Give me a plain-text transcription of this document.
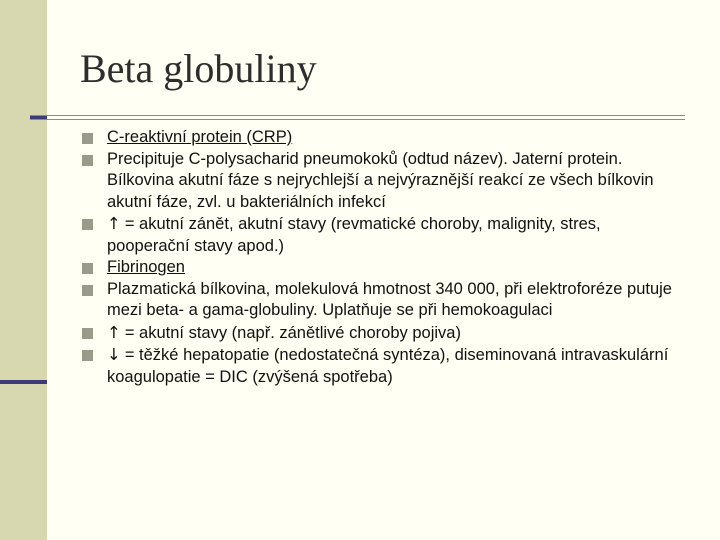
Beta globuliny
C-reaktivní protein (CRP)
Precipituje C-polysacharid pneumokoků (odtud název). Jaterní protein. Bílkovina akutní fáze s nejrychlejší a nejvýraznější reakcí ze všech bílkovin akutní fáze, zvl. u bakteriálních infekcí
↑ = akutní zánět, akutní stavy (revmatické choroby, malignity, stres, pooperační stavy apod.)
Fibrinogen
Plazmatická bílkovina, molekulová hmotnost 340 000, při elektroforéze putuje mezi beta- a gama-globuliny. Uplatňuje se při hemokoagulaci
↑ = akutní stavy (např. zánětlivé choroby pojiva)
↓ = těžké hepatopatie (nedostatečná syntéza), diseminovaná intravaskulární koagulopatie = DIC (zvýšená spotřeba)
